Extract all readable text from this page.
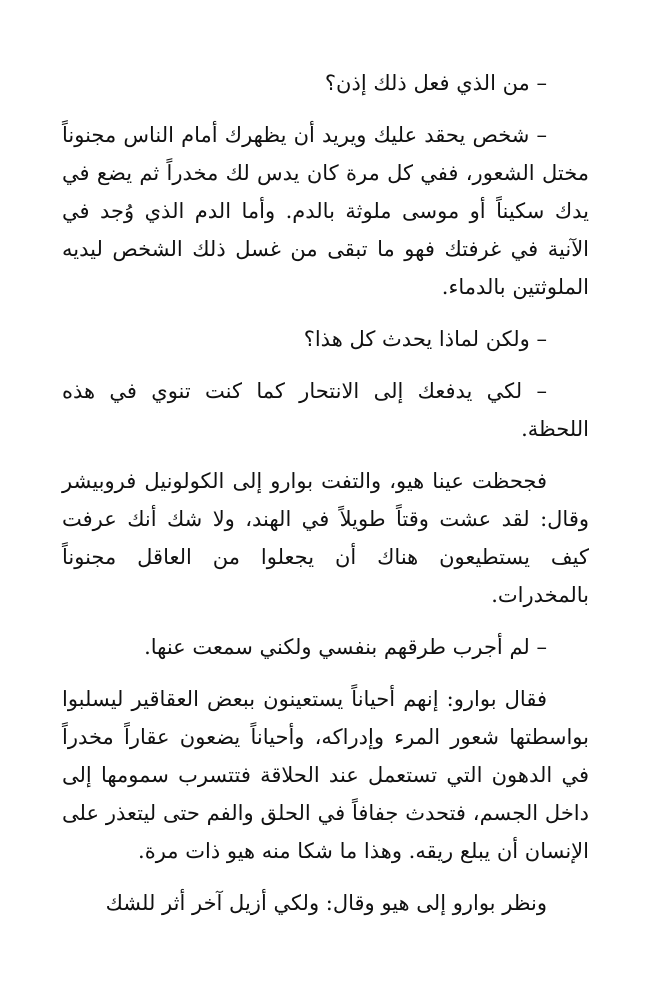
– من الذي فعل ذلك إذن؟

– شخص يحقد عليك ويريد أن يظهرك أمام الناس مجنوناً مختل الشعور، ففي كل مرة كان يدس لك مخدراً ثم يضع في يدك سكيناً أو موسى ملوثة بالدم. وأما الدم الذي وُجد في الآنية في غرفتك فهو ما تبقى من غسل ذلك الشخص ليديه الملوثتين بالدماء.

– ولكن لماذا يحدث كل هذا؟

– لكي يدفعك إلى الانتحار كما كنت تنوي في هذه اللحظة.

فجحظت عينا هيو، والتفت بوارو إلى الكولونيل فروبيشر وقال: لقد عشت وقتاً طويلاً في الهند، ولا شك أنك عرفت كيف يستطيعون هناك أن يجعلوا من العاقل مجنوناً بالمخدرات.

– لم أجرب طرقهم بنفسي ولكني سمعت عنها.

فقال بوارو: إنهم أحياناً يستعينون ببعض العقاقير ليسلبوا بواسطتها شعور المرء وإدراكه، وأحياناً يضعون عقاراً مخدراً في الدهون التي تستعمل عند الحلاقة فتتسرب سمومها إلى داخل الجسم، فتحدث جفافاً في الحلق والفم حتى ليتعذر على الإنسان أن يبلع ريقه. وهذا ما شكا منه هيو ذات مرة.

ونظر بوارو إلى هيو وقال: ولكي أزيل آخر أثر للشك
